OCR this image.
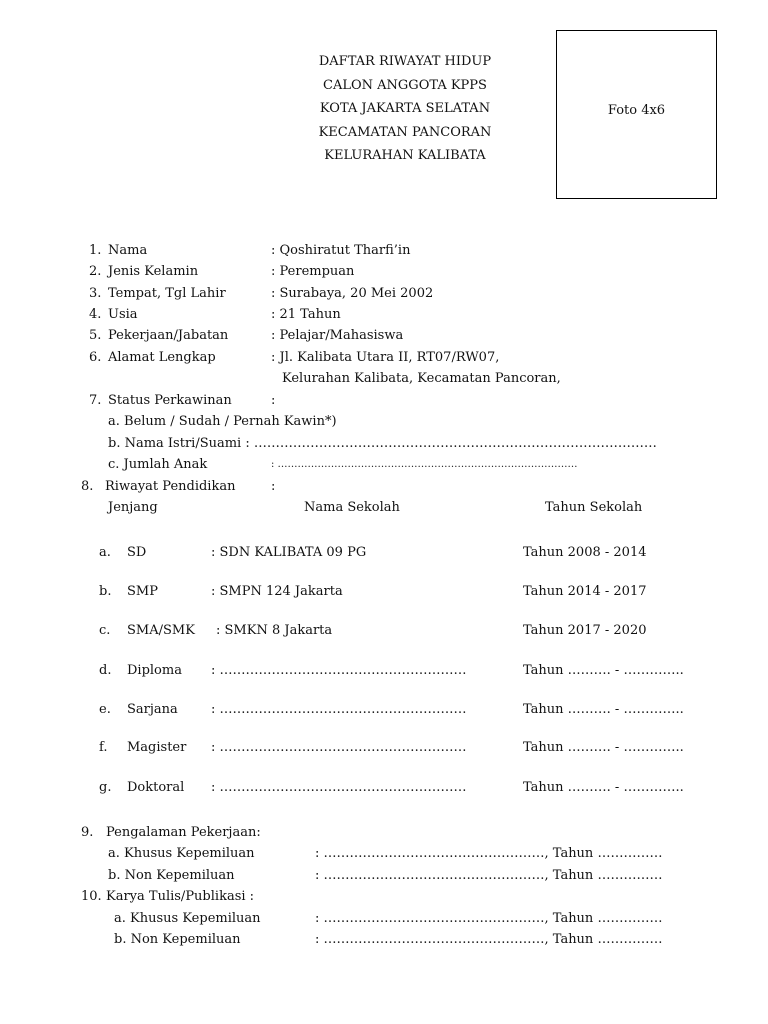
DAFTAR RIWAYAT HIDUP
CALON ANGGOTA KPPS
KOTA JAKARTA SELATAN
KECAMATAN PANCORAN
KELURAHAN KALIBATA
Foto 4x6
1. Nama	: Qoshiratut Tharfi’in
2. Jenis Kelamin	: Perempuan
3. Tempat, Tgl Lahir	: Surabaya, 20 Mei 2002
4. Usia	: 21 Tahun
5. Pekerjaan/Jabatan	: Pelajar/Mahasiswa
6. Alamat Lengkap	: Jl. Kalibata Utara II, RT07/RW07,
Kelurahan Kalibata, Kecamatan Pancoran,
7. Status Perkawinan	:
a. Belum / Sudah / Pernah Kawin*)
b. Nama Istri/Suami : …………………………………………………………………………………
c. Jumlah Anak	: ………………………………………………………………………………
8. Riwayat Pendidikan	:
Jenjang	Nama Sekolah	Tahun Sekolah
a. SD	: SDN KALIBATA 09 PG	Tahun 2008 - 2014
b. SMP	: SMPN 124 Jakarta	Tahun 2014 - 2017
c. SMA/SMK : SMKN 8 Jakarta	Tahun 2017 - 2020
d. Diploma : …………………………………………………	Tahun ………. - …………..
e. Sarjana	: …………………………………………………	Tahun ………. - …………..
f. Magister : …………………………………………………	Tahun ………. - …………..
g. Doktoral : …………………………………………………	Tahun ………. - …………..
9. Pengalaman Pekerjaan:
a. Khusus Kepemiluan	: ……………………………………………, Tahun ……………
b. Non Kepemiluan	: ……………………………………………, Tahun ……………
10. Karya Tulis/Publikasi :
a. Khusus Kepemiluan	: ……………………………………………, Tahun ……………
b. Non Kepemiluan	: ……………………………………………, Tahun ……………
